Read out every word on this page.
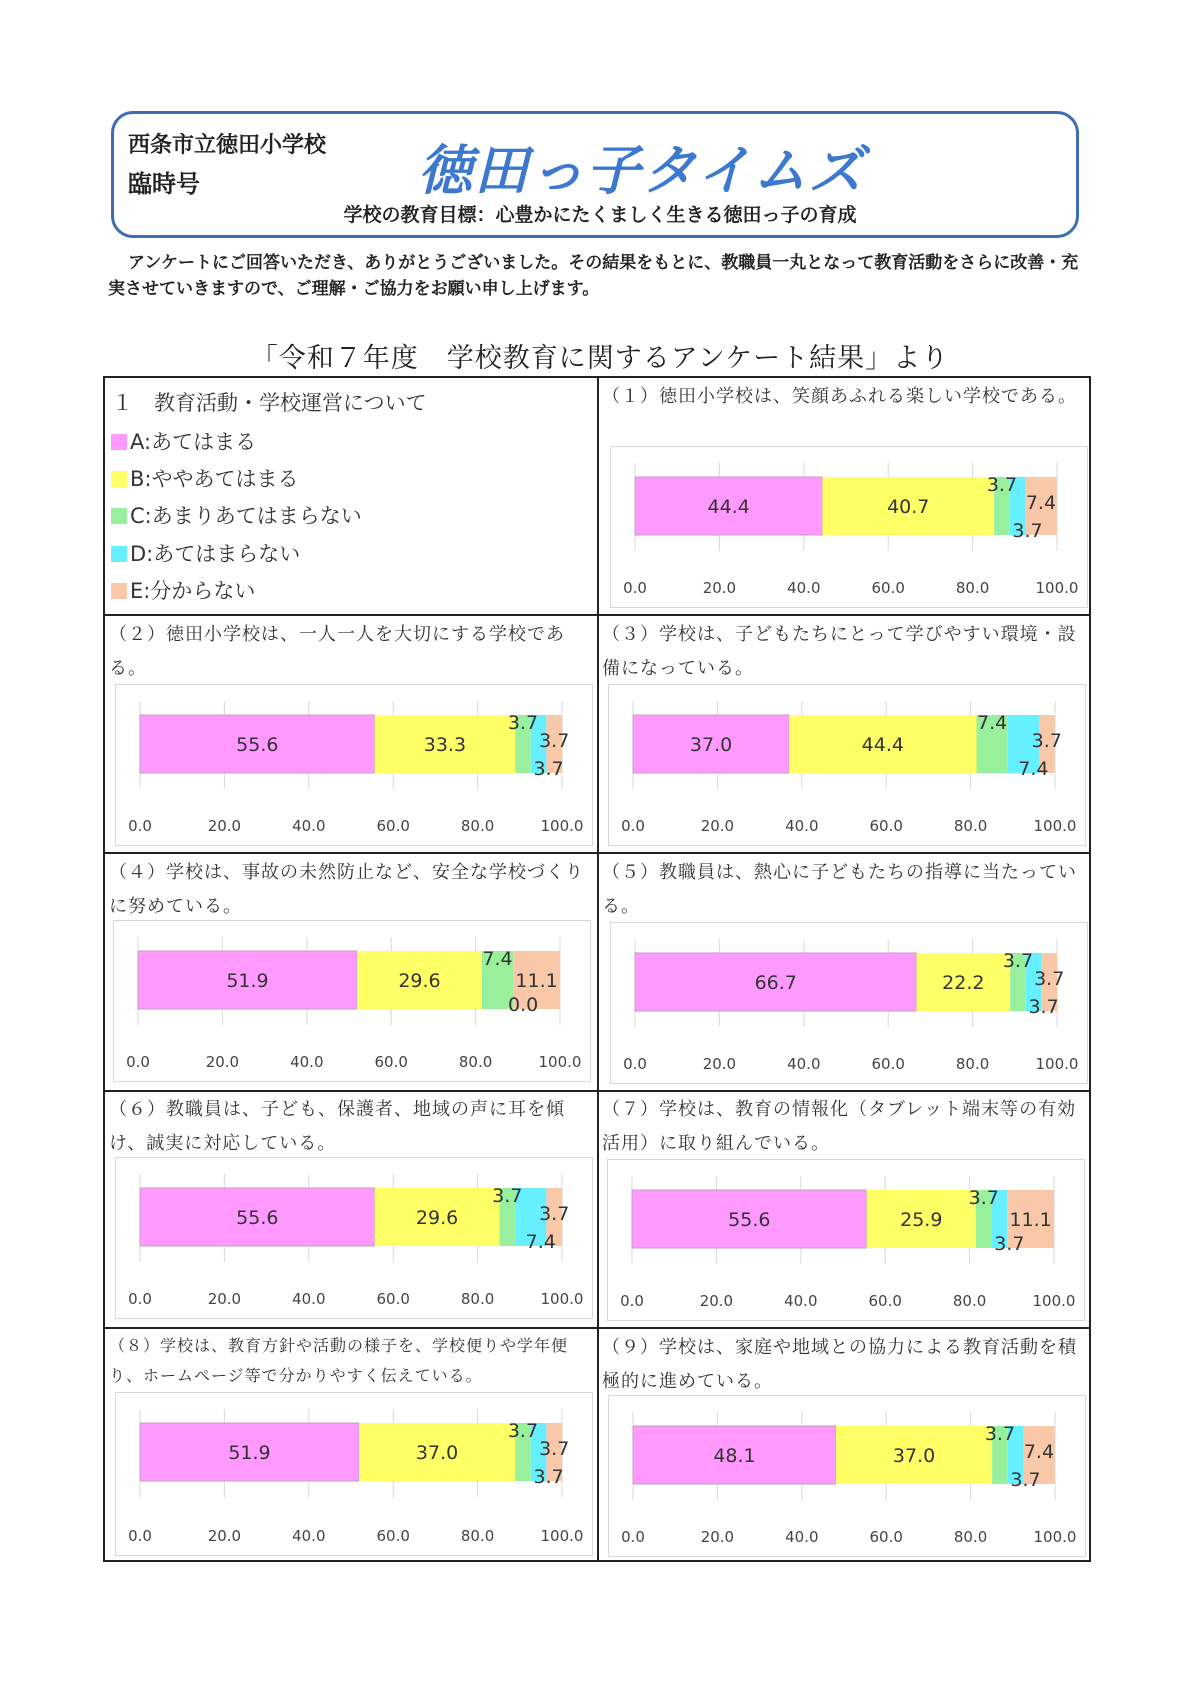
西条市立徳田小学校
臨時号	徳田っ子タイムズ
学校の教育目標：心豊かにたくましく生きる徳田っ子の育成
アンケートにご回答いただき、ありがとうございました。その結果をもとに、教職員一丸となって教育活動をさらに改善・充実させていきますので、ご理解・ご協力をお願い申し上げます。
「令和７年度　学校教育に関するアンケート結果」より
１　教育活動・学校運営について
A:あてはまる
B:ややあてはまる
C:あまりあてはまらない
D:あてはまらない
E:分からない
（１）徳田小学校は、笑顔あふれる楽しい学校である。
0.0	20.0	40.0	60.0	80.0	100.0
44.4	40.7
3.7
3.7
7.4
（２）徳田小学校は、一人一人を大切にする学校である。
0.0	20.0	40.0	60.0	80.0	100.0
55.6	33.3
3.7
3.7
3.7
（３）学校は、子どもたちにとって学びやすい環境・設備になっている。
0.0	20.0	40.0	60.0	80.0	100.0
37.0	44.4
7.4
7.4
3.7
（４）学校は、事故の未然防止など、安全な学校づくりに努めている。
0.0	20.0	40.0	60.0	80.0	100.0
51.9	29.6
7.4
0.0
11.1
（５）教職員は、熱心に子どもたちの指導に当たっている。
0.0	20.0	40.0	60.0	80.0	100.0
66.7	22.2
3.7
3.7
3.7
（６）教職員は、子ども、保護者、地域の声に耳を傾け、誠実に対応している。
0.0	20.0	40.0	60.0	80.0	100.0
55.6	29.6
3.7
7.4
3.7
（７）学校は、教育の情報化（タブレット端末等の有効活用）に取り組んでいる。
0.0	20.0	40.0	60.0	80.0	100.0
55.6	25.9
3.7
3.7
11.1
（８）学校は、教育方針や活動の様子を、学校便りや学年便り、ホームページ等で分かりやすく伝えている。
0.0	20.0	40.0	60.0	80.0	100.0
51.9	37.0
3.7
3.7
3.7
（９）学校は、家庭や地域との協力による教育活動を積極的に進めている。
0.0	20.0	40.0	60.0	80.0	100.0
48.1	37.0
3.7
3.7
7.4
